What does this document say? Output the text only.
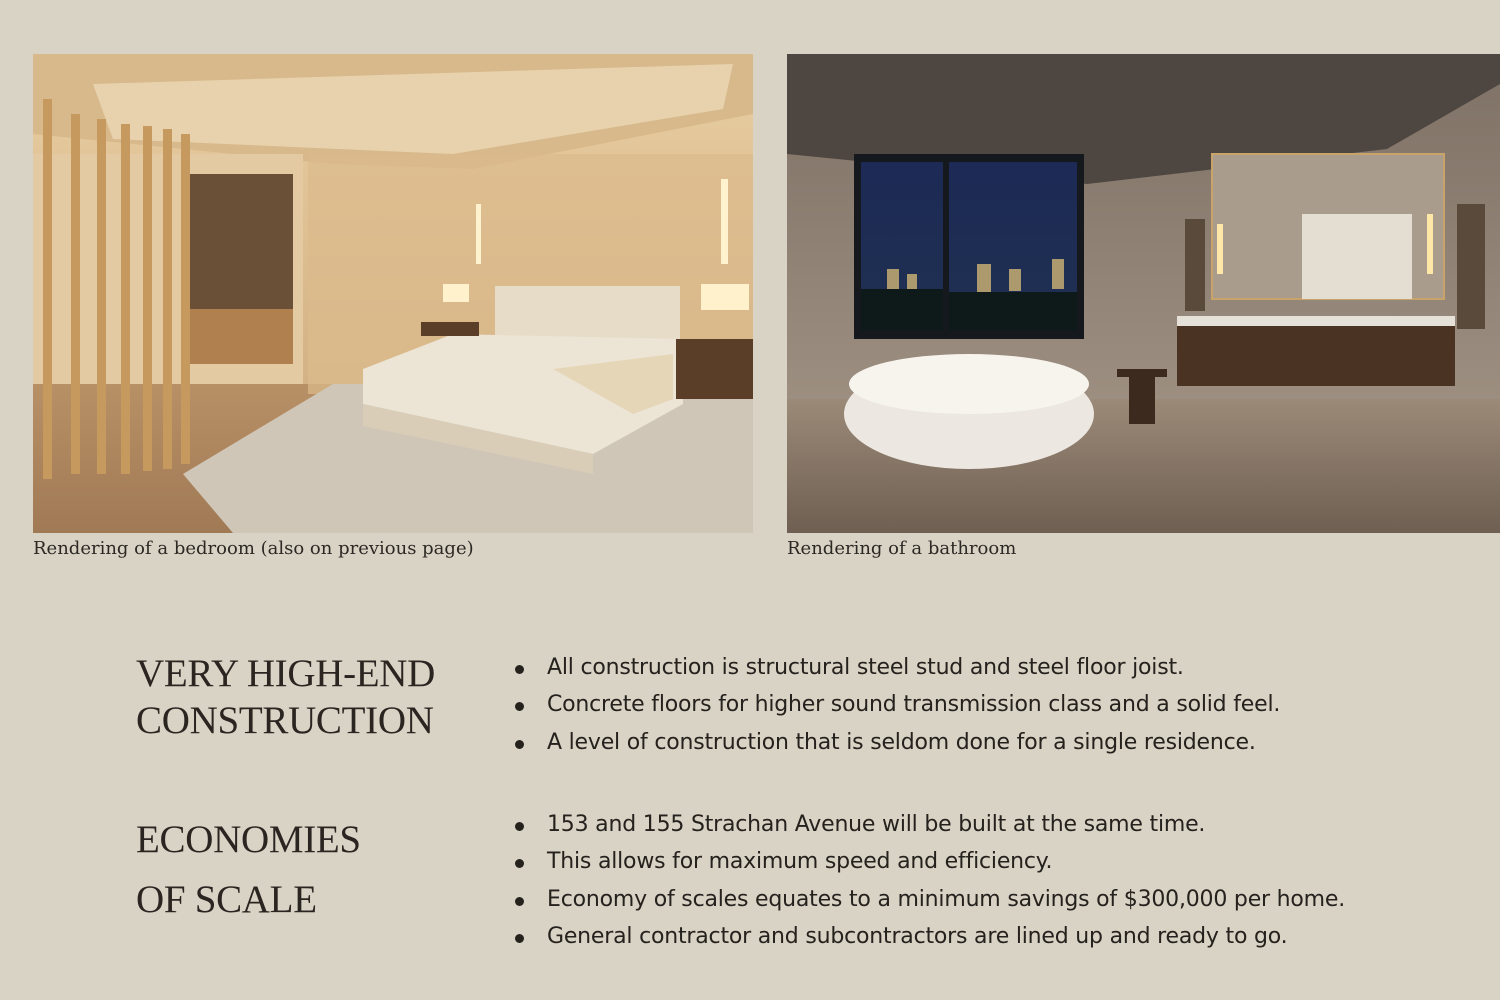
Rendering of a bedroom (also on previous page)	Rendering of a bathroom
VERY HIGH-END
CONSTRUCTION
All construction is structural steel stud and steel floor joist.
Concrete floors for higher sound transmission class and a solid feel.
A level of construction that is seldom done for a single residence.
ECONOMIES
OF SCALE
153 and 155 Strachan Avenue will be built at the same time.
This allows for maximum speed and efficiency.
Economy of scales equates to a minimum savings of $300,000 per home.
General contractor and subcontractors are lined up and ready to go.
